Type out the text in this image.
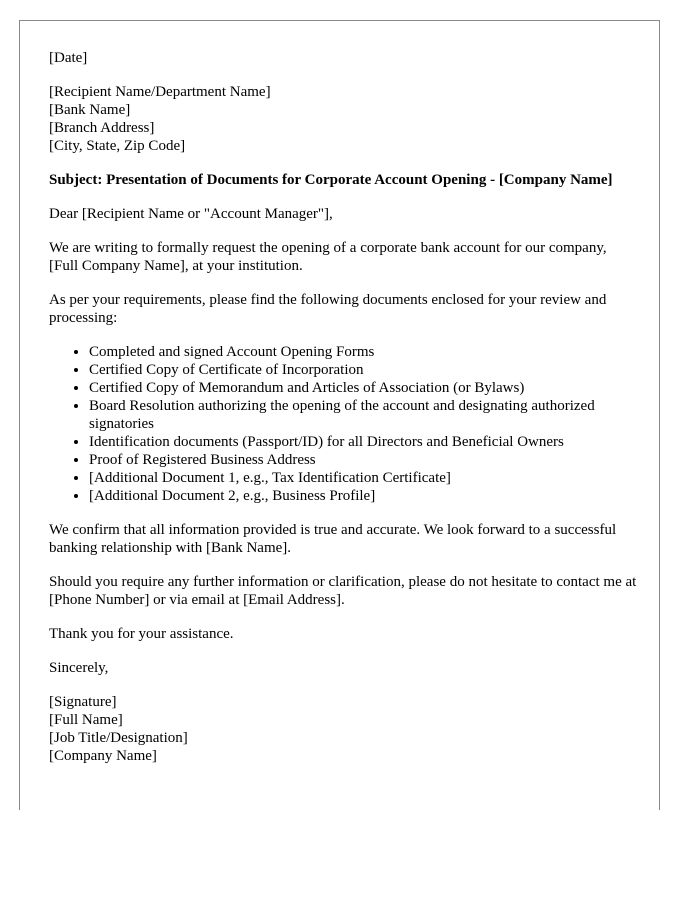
[Date]

[Recipient Name/Department Name]
[Bank Name]
[Branch Address]
[City, State, Zip Code]

Subject: Presentation of Documents for Corporate Account Opening - [Company Name]

Dear [Recipient Name or "Account Manager"],

We are writing to formally request the opening of a corporate bank account for our company, [Full Company Name], at your institution.

As per your requirements, please find the following documents enclosed for your review and processing:

• Completed and signed Account Opening Forms
• Certified Copy of Certificate of Incorporation
• Certified Copy of Memorandum and Articles of Association (or Bylaws)
• Board Resolution authorizing the opening of the account and designating authorized signatories
• Identification documents (Passport/ID) for all Directors and Beneficial Owners
• Proof of Registered Business Address
• [Additional Document 1, e.g., Tax Identification Certificate]
• [Additional Document 2, e.g., Business Profile]

We confirm that all information provided is true and accurate. We look forward to a successful banking relationship with [Bank Name].

Should you require any further information or clarification, please do not hesitate to contact me at [Phone Number] or via email at [Email Address].

Thank you for your assistance.

Sincerely,

[Signature]
[Full Name]
[Job Title/Designation]
[Company Name]
